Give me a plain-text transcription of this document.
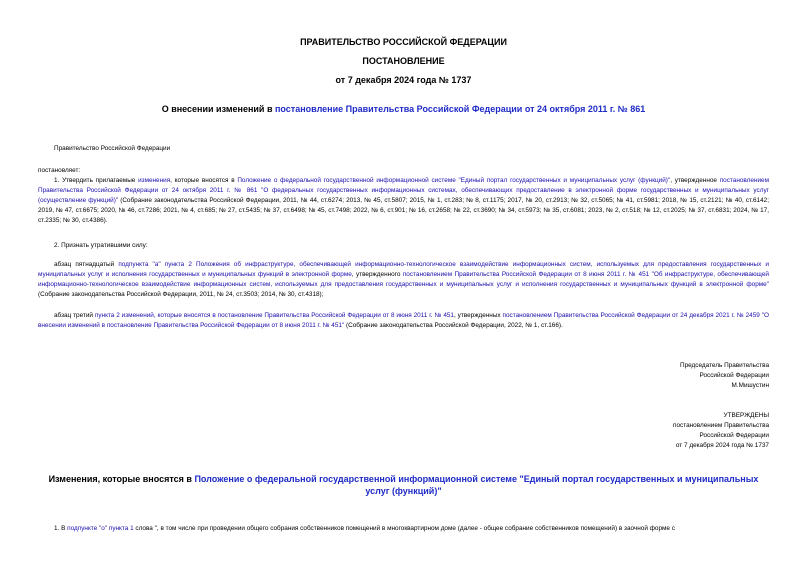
ПРАВИТЕЛЬСТВО РОССИЙСКОЙ ФЕДЕРАЦИИ
ПОСТАНОВЛЕНИЕ
от 7 декабря 2024 года № 1737
О внесении изменений в постановление Правительства Российской Федерации от 24 октября 2011 г. № 861
Правительство Российской Федерации
постановляет:
1. Утвердить прилагаемые изменения, которые вносятся в Положение о федеральной государственной информационной системе "Единый портал государственных и муниципальных услуг (функций)", утвержденное постановлением Правительства Российской Федерации от 24 октября 2011 г. № 861 "О федеральных государственных информационных системах, обеспечивающих предоставление в электронной форме государственных и муниципальных услуг (осуществление функций)" (Собрание законодательства Российской Федерации, 2011, № 44, ст.6274; 2013, № 45, ст.5807; 2015, № 1, ст.283; № 8, ст.1175; 2017, № 20, ст.2913; № 32, ст.5065; № 41, ст.5981; 2018, № 15, ст.2121; № 40, ст.6142; 2019, № 47, ст.6675; 2020, № 46, ст.7286; 2021, № 4, ст.685; № 27, ст.5435; № 37, ст.6498; № 45, ст.7498; 2022, № 6, ст.901; № 16, ст.2658; № 22, ст.3690; № 34, ст.5973; № 35, ст.6081; 2023, № 2, ст.518; № 12, ст.2025; № 37, ст.6831; 2024, № 17, ст.2335; № 30, ст.4386).
2. Признать утратившими силу:
абзац пятнадцатый подпункта "а" пункта 2 Положения об инфраструктуре, обеспечивающей информационно-технологическое взаимодействие информационных систем, используемых для предоставления государственных и муниципальных услуг и исполнения государственных и муниципальных функций в электронной форме, утвержденного постановлением Правительства Российской Федерации от 8 июня 2011 г. № 451 "Об инфраструктуре, обеспечивающей информационно-технологическое взаимодействие информационных систем, используемых для предоставления государственных и муниципальных услуг и исполнения государственных и муниципальных функций в электронной форме" (Собрание законодательства Российской Федерации, 2011, № 24, ст.3503; 2014, № 30, ст.4318);
абзац третий пункта 2 изменений, которые вносятся в постановление Правительства Российской Федерации от 8 июня 2011 г. № 451, утвержденных постановлением Правительства Российской Федерации от 24 декабря 2021 г. № 2459 "О внесении изменений в постановление Правительства Российской Федерации от 8 июня 2011 г. № 451" (Собрание законодательства Российской Федерации, 2022, № 1, ст.166).
Председатель Правительства
Российской Федерации
М.Мишустин
УТВЕРЖДЕНЫ
постановлением Правительства
Российской Федерации
от 7 декабря 2024 года № 1737
Изменения, которые вносятся в Положение о федеральной государственной информационной системе "Единый портал государственных и муниципальных услуг (функций)"
1. В подпункте "о" пункта 1 слова ", в том числе при проведении общего собрания собственников помещений в многоквартирном доме (далее - общее собрание собственников помещений) в заочной форме с
